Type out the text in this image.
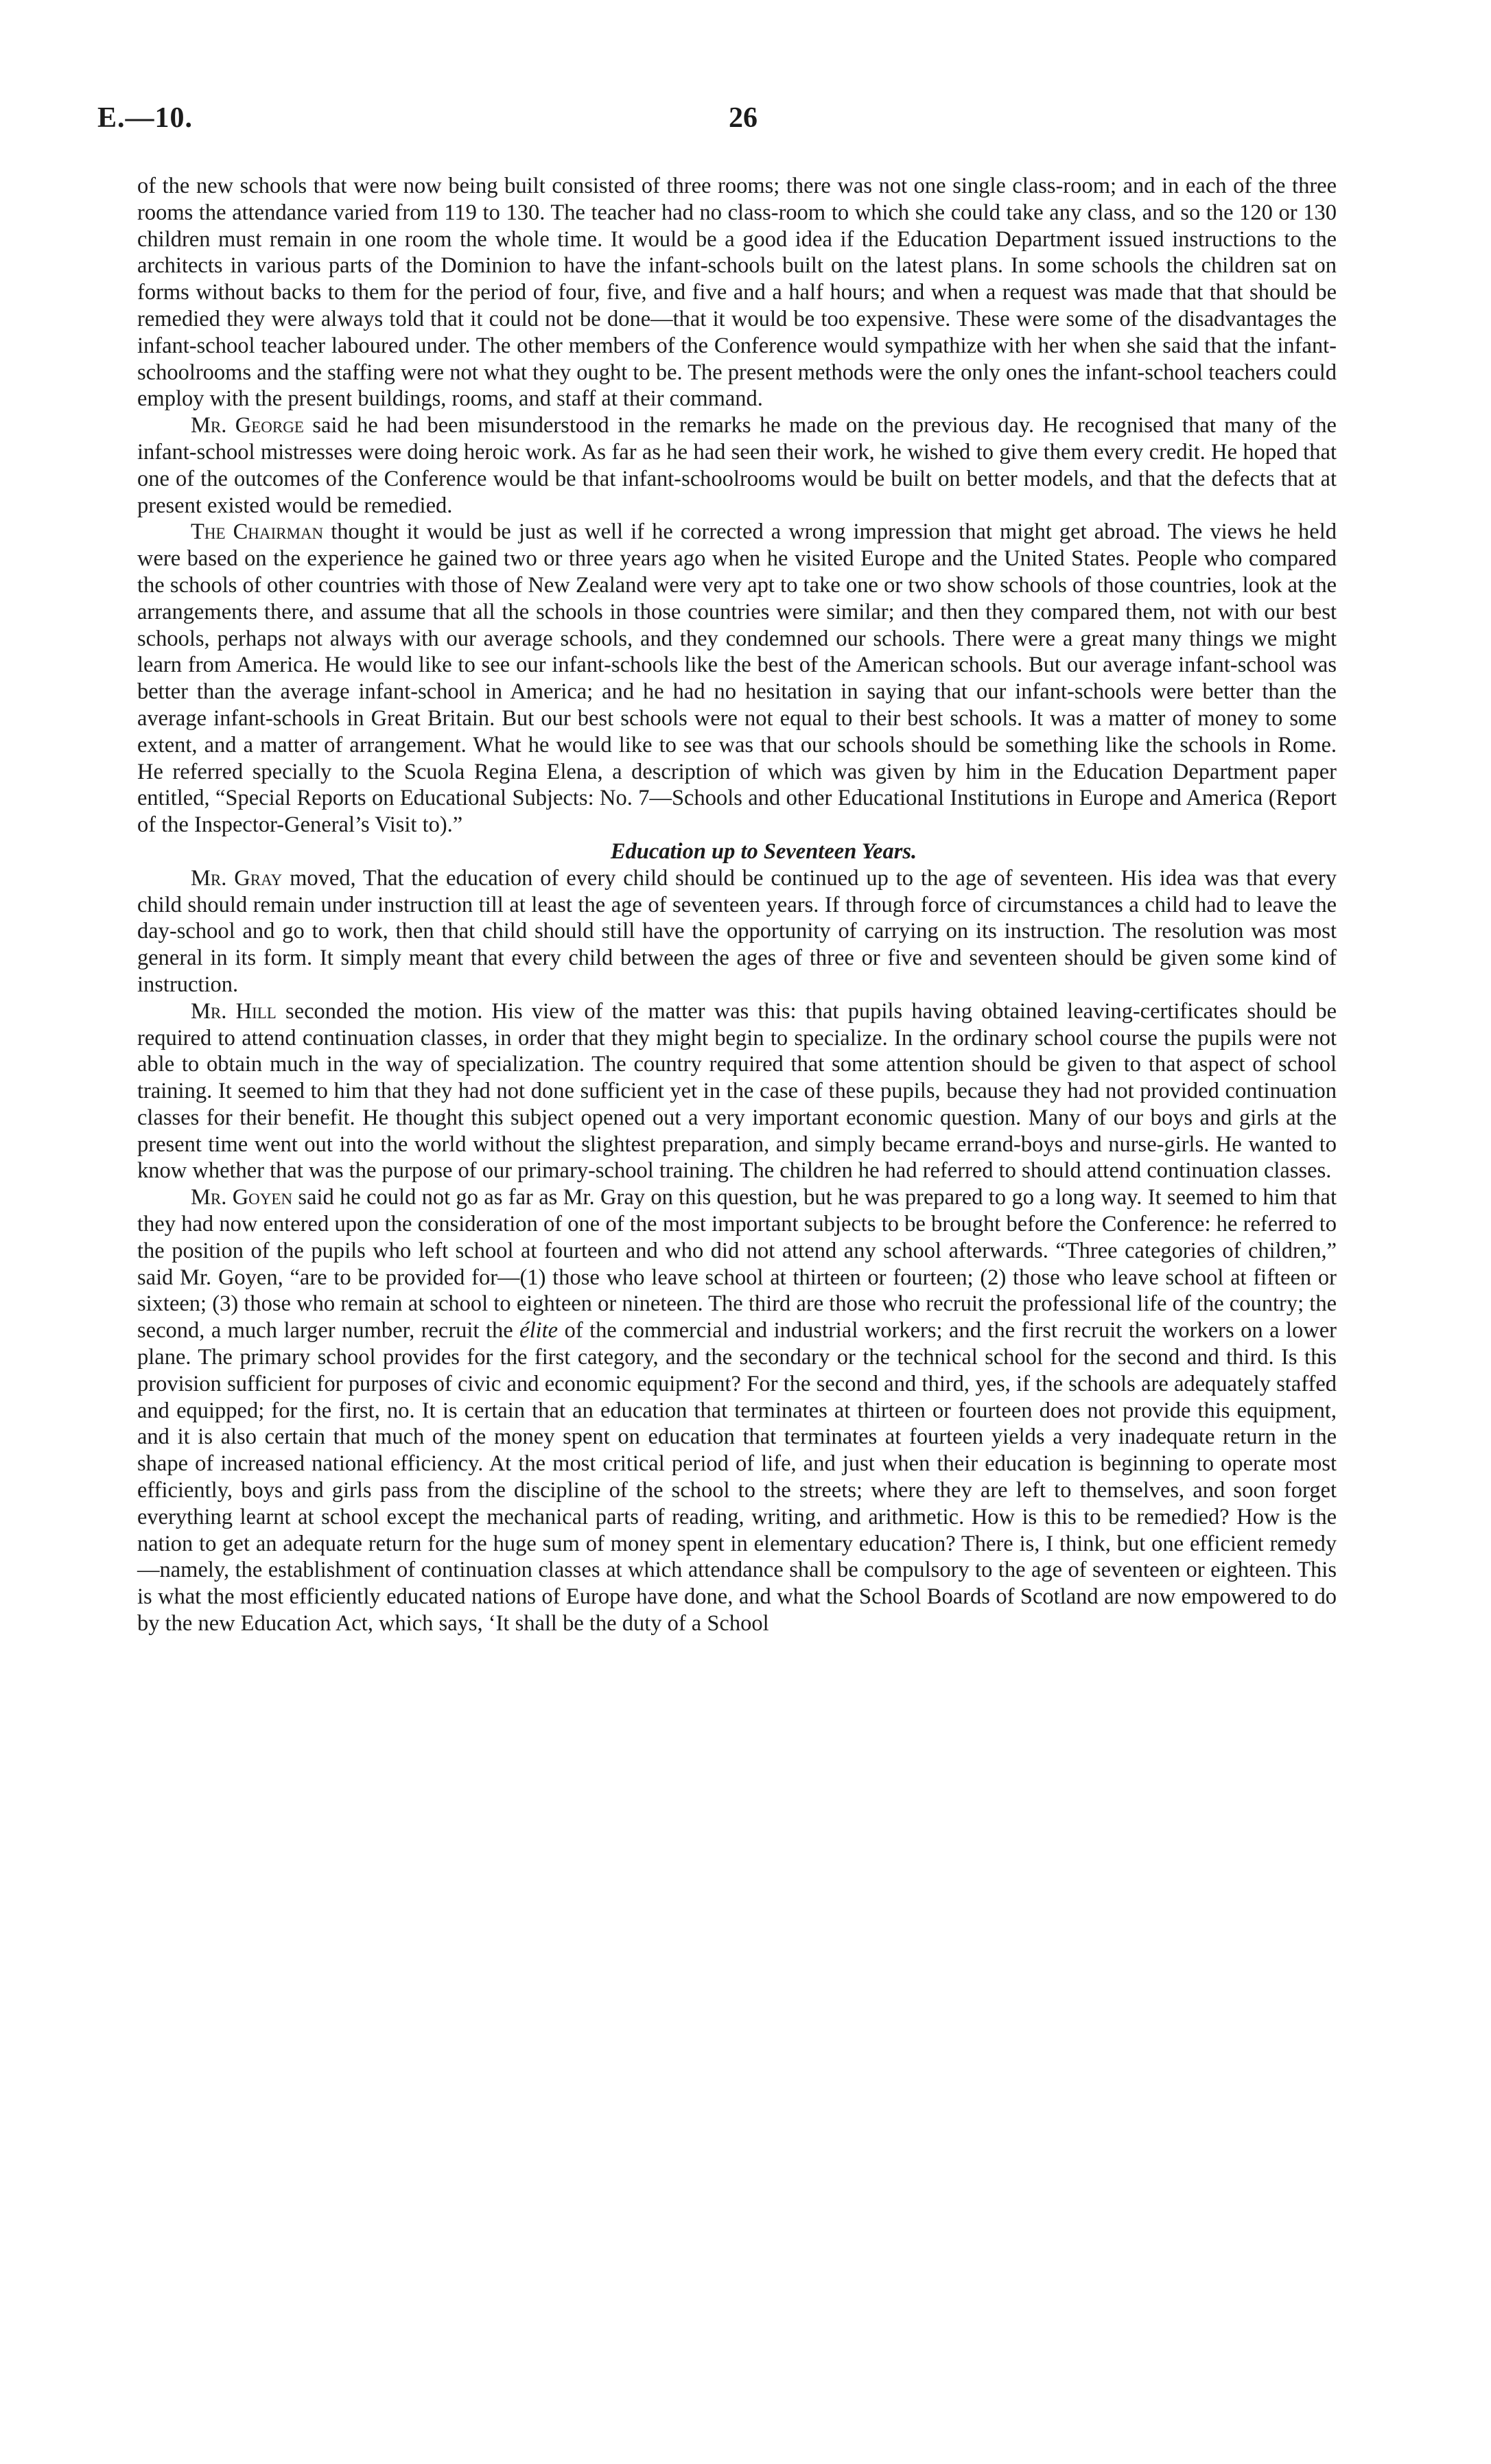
E.—10.	26

of the new schools that were now being built consisted of three rooms; there was not one single class-room; and in each of the three rooms the attendance varied from 119 to 130. The teacher had no class-room to which she could take any class, and so the 120 or 130 children must remain in one room the whole time. It would be a good idea if the Education Department issued instructions to the architects in various parts of the Dominion to have the infant-schools built on the latest plans. In some schools the children sat on forms without backs to them for the period of four, five, and five and a half hours; and when a request was made that that should be remedied they were always told that it could not be done—that it would be too expensive. These were some of the disadvantages the infant-school teacher laboured under. The other members of the Conference would sympathize with her when she said that the infant-schoolrooms and the staffing were not what they ought to be. The present methods were the only ones the infant-school teachers could employ with the present buildings, rooms, and staff at their command.

Mr. George said he had been misunderstood in the remarks he made on the previous day. He recognised that many of the infant-school mistresses were doing heroic work. As far as he had seen their work, he wished to give them every credit. He hoped that one of the outcomes of the Conference would be that infant-schoolrooms would be built on better models, and that the defects that at present existed would be remedied.

The Chairman thought it would be just as well if he corrected a wrong impression that might get abroad. The views he held were based on the experience he gained two or three years ago when he visited Europe and the United States. People who compared the schools of other countries with those of New Zealand were very apt to take one or two show schools of those countries, look at the arrangements there, and assume that all the schools in those countries were similar; and then they compared them, not with our best schools, perhaps not always with our average schools, and they condemned our schools. There were a great many things we might learn from America. He would like to see our infant-schools like the best of the American schools. But our average infant-school was better than the average infant-school in America; and he had no hesitation in saying that our infant-schools were better than the average infant-schools in Great Britain. But our best schools were not equal to their best schools. It was a matter of money to some extent, and a matter of arrangement. What he would like to see was that our schools should be something like the schools in Rome. He referred specially to the Scuola Regina Elena, a description of which was given by him in the Education Department paper entitled, “Special Reports on Educational Subjects: No. 7—Schools and other Educational Institutions in Europe and America (Report of the Inspector-General’s Visit to).”

Education up to Seventeen Years.

Mr. Gray moved, That the education of every child should be continued up to the age of seventeen. His idea was that every child should remain under instruction till at least the age of seventeen years. If through force of circumstances a child had to leave the day-school and go to work, then that child should still have the opportunity of carrying on its instruction. The resolution was most general in its form. It simply meant that every child between the ages of three or five and seventeen should be given some kind of instruction.

Mr. Hill seconded the motion. His view of the matter was this: that pupils having obtained leaving-certificates should be required to attend continuation classes, in order that they might begin to specialize. In the ordinary school course the pupils were not able to obtain much in the way of specialization. The country required that some attention should be given to that aspect of school training. It seemed to him that they had not done sufficient yet in the case of these pupils, because they had not provided continuation classes for their benefit. He thought this subject opened out a very important economic question. Many of our boys and girls at the present time went out into the world without the slightest preparation, and simply became errand-boys and nurse-girls. He wanted to know whether that was the purpose of our primary-school training. The children he had referred to should attend continuation classes.

Mr. Goyen said he could not go as far as Mr. Gray on this question, but he was prepared to go a long way. It seemed to him that they had now entered upon the consideration of one of the most important subjects to be brought before the Conference: he referred to the position of the pupils who left school at fourteen and who did not attend any school afterwards. “Three categories of children,” said Mr. Goyen, “are to be provided for—(1) those who leave school at thirteen or fourteen; (2) those who leave school at fifteen or sixteen; (3) those who remain at school to eighteen or nineteen. The third are those who recruit the professional life of the country; the second, a much larger number, recruit the élite of the commercial and industrial workers; and the first recruit the workers on a lower plane. The primary school provides for the first category, and the secondary or the technical school for the second and third. Is this provision sufficient for purposes of civic and economic equipment? For the second and third, yes, if the schools are adequately staffed and equipped; for the first, no. It is certain that an education that terminates at thirteen or fourteen does not provide this equipment, and it is also certain that much of the money spent on education that terminates at fourteen yields a very inadequate return in the shape of increased national efficiency. At the most critical period of life, and just when their education is beginning to operate most efficiently, boys and girls pass from the discipline of the school to the streets; where they are left to themselves, and soon forget everything learnt at school except the mechanical parts of reading, writing, and arithmetic. How is this to be remedied? How is the nation to get an adequate return for the huge sum of money spent in elementary education? There is, I think, but one efficient remedy—namely, the establishment of continuation classes at which attendance shall be compulsory to the age of seventeen or eighteen. This is what the most efficiently educated nations of Europe have done, and what the School Boards of Scotland are now empowered to do by the new Education Act, which says, ‘It shall be the duty of a School
